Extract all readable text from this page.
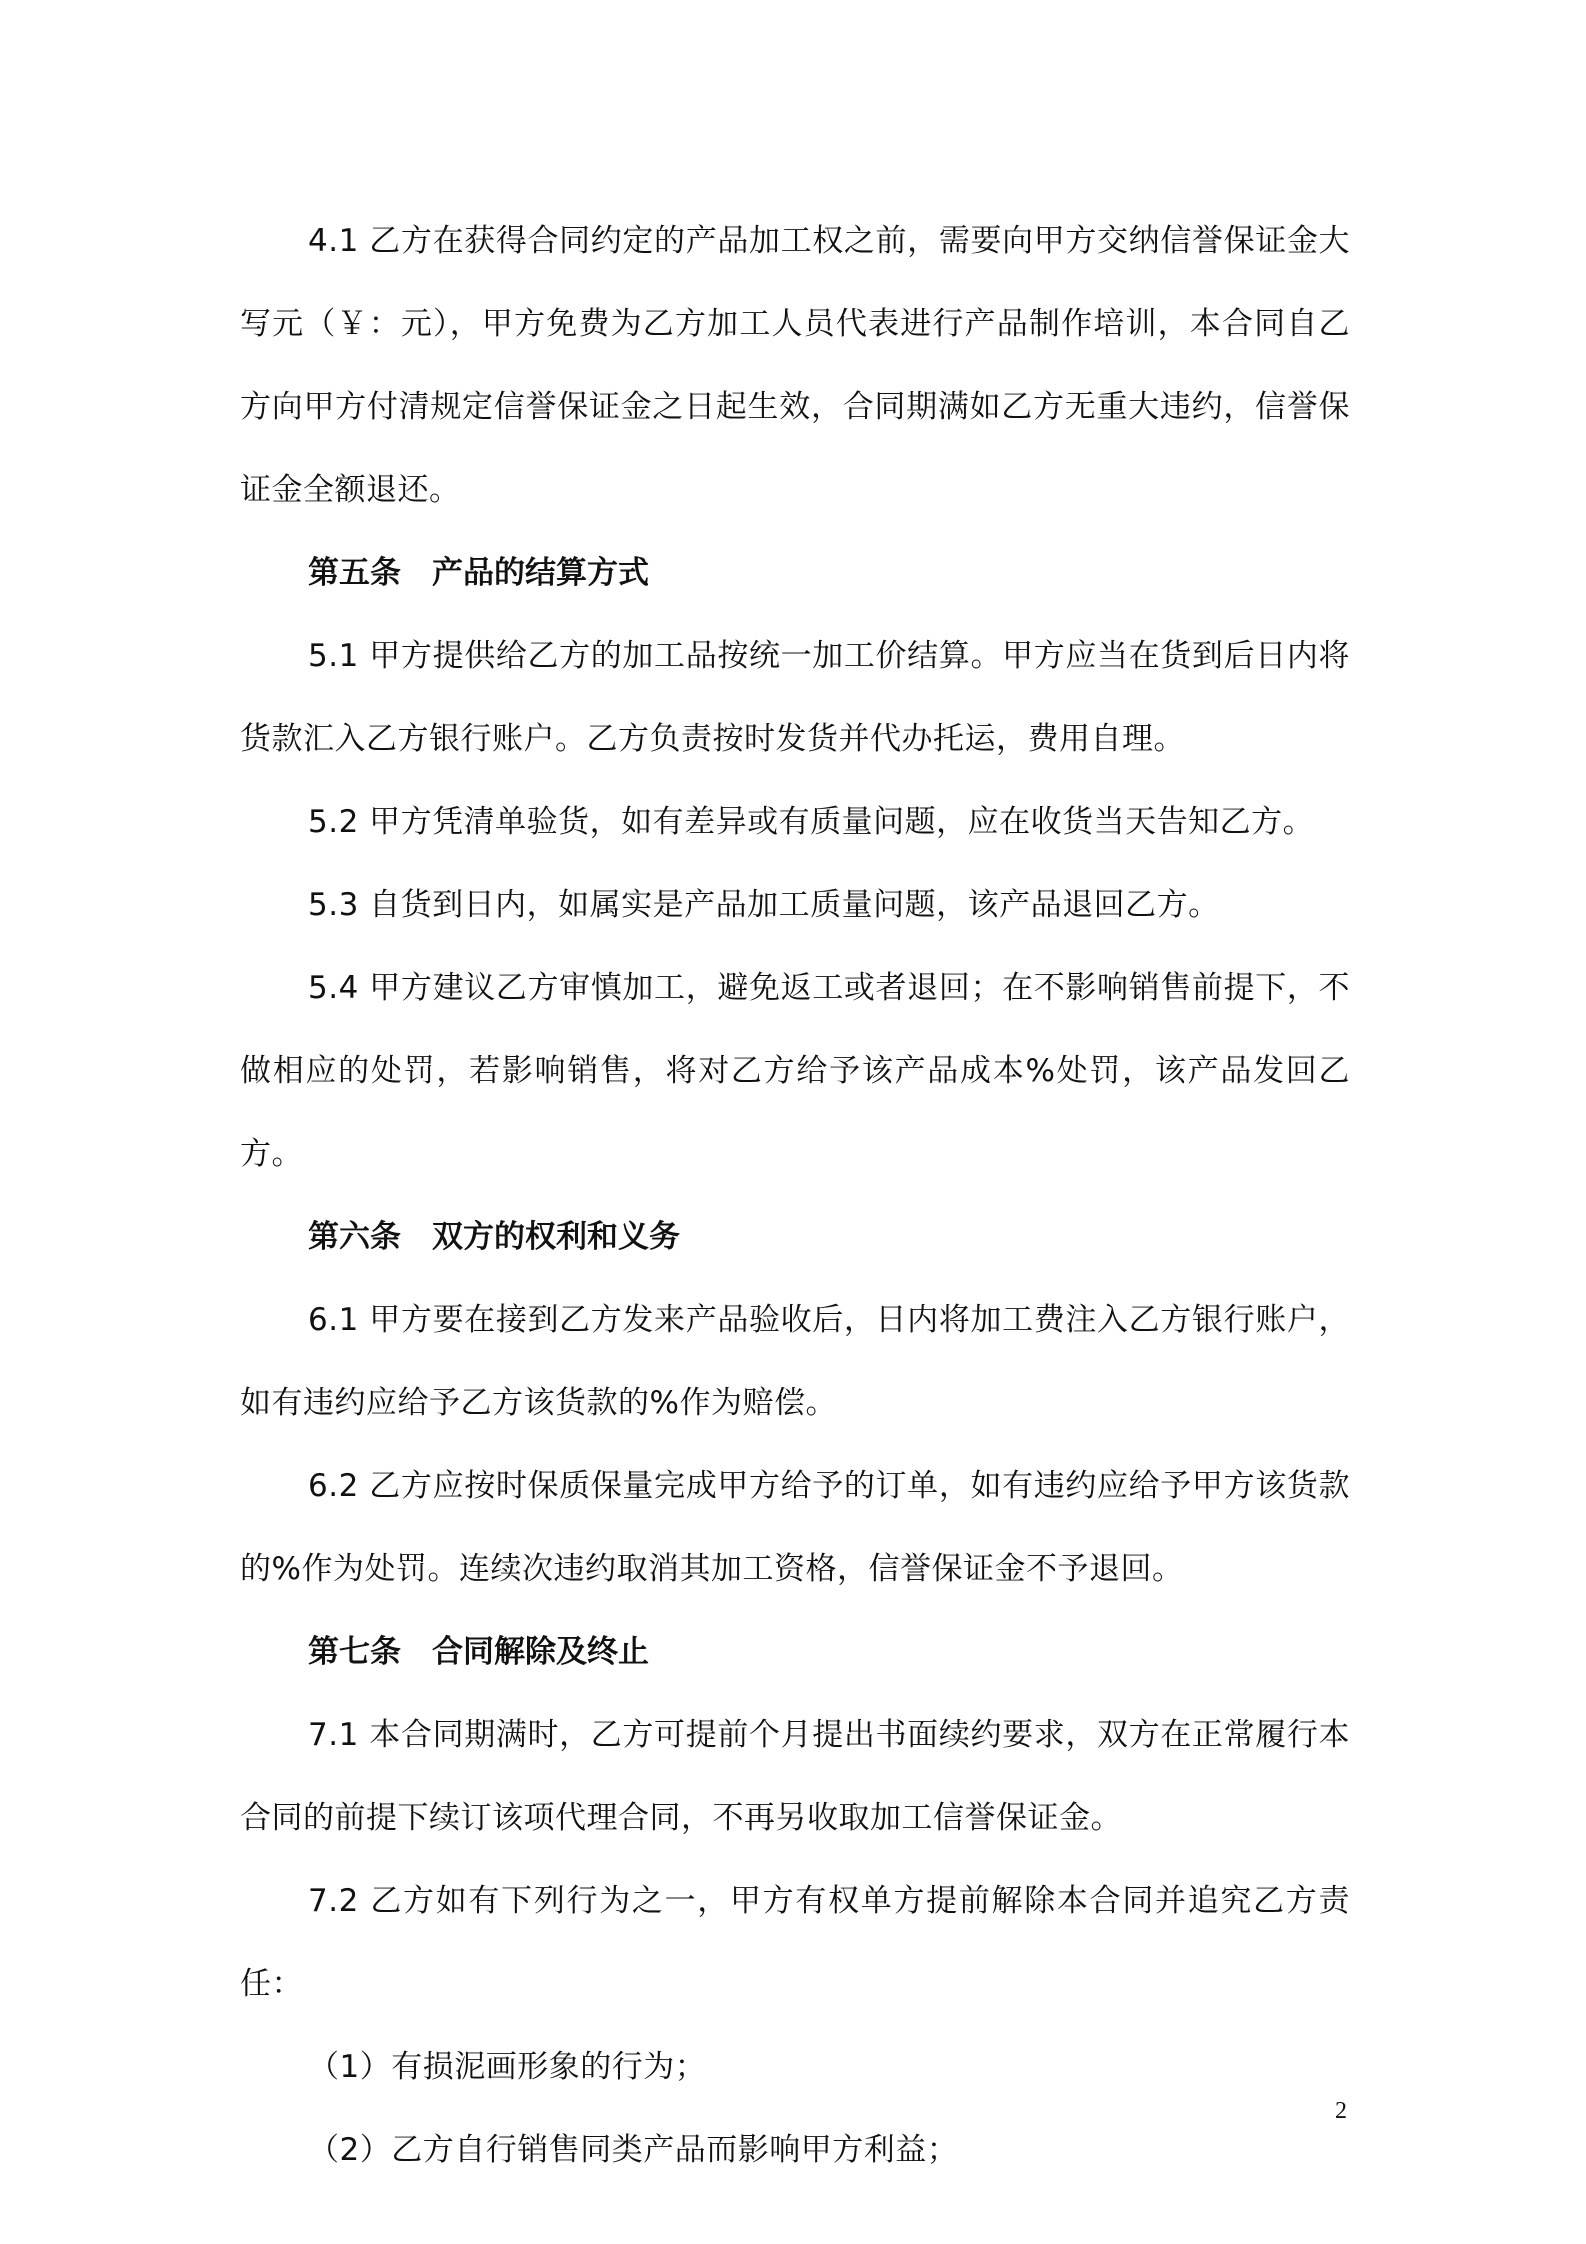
4.1 乙方在获得合同约定的产品加工权之前，需要向甲方交纳信誉保证金大写元（￥：元），甲方免费为乙方加工人员代表进行产品制作培训，本合同自乙方向甲方付清规定信誉保证金之日起生效，合同期满如乙方无重大违约，信誉保证金全额退还。

第五条　产品的结算方式

5.1 甲方提供给乙方的加工品按统一加工价结算。甲方应当在货到后日内将货款汇入乙方银行账户。乙方负责按时发货并代办托运，费用自理。

5.2 甲方凭清单验货，如有差异或有质量问题，应在收货当天告知乙方。

5.3 自货到日内，如属实是产品加工质量问题，该产品退回乙方。

5.4 甲方建议乙方审慎加工，避免返工或者退回；在不影响销售前提下，不做相应的处罚，若影响销售，将对乙方给予该产品成本%处罚，该产品发回乙方。

第六条　双方的权利和义务

6.1 甲方要在接到乙方发来产品验收后，日内将加工费注入乙方银行账户，如有违约应给予乙方该货款的%作为赔偿。

6.2 乙方应按时保质保量完成甲方给予的订单，如有违约应给予甲方该货款的%作为处罚。连续次违约取消其加工资格，信誉保证金不予退回。

第七条　合同解除及终止

7.1 本合同期满时，乙方可提前个月提出书面续约要求，双方在正常履行本合同的前提下续订该项代理合同，不再另收取加工信誉保证金。

7.2 乙方如有下列行为之一，甲方有权单方提前解除本合同并追究乙方责任：

（1）有损泥画形象的行为；

（2）乙方自行销售同类产品而影响甲方利益；

2
